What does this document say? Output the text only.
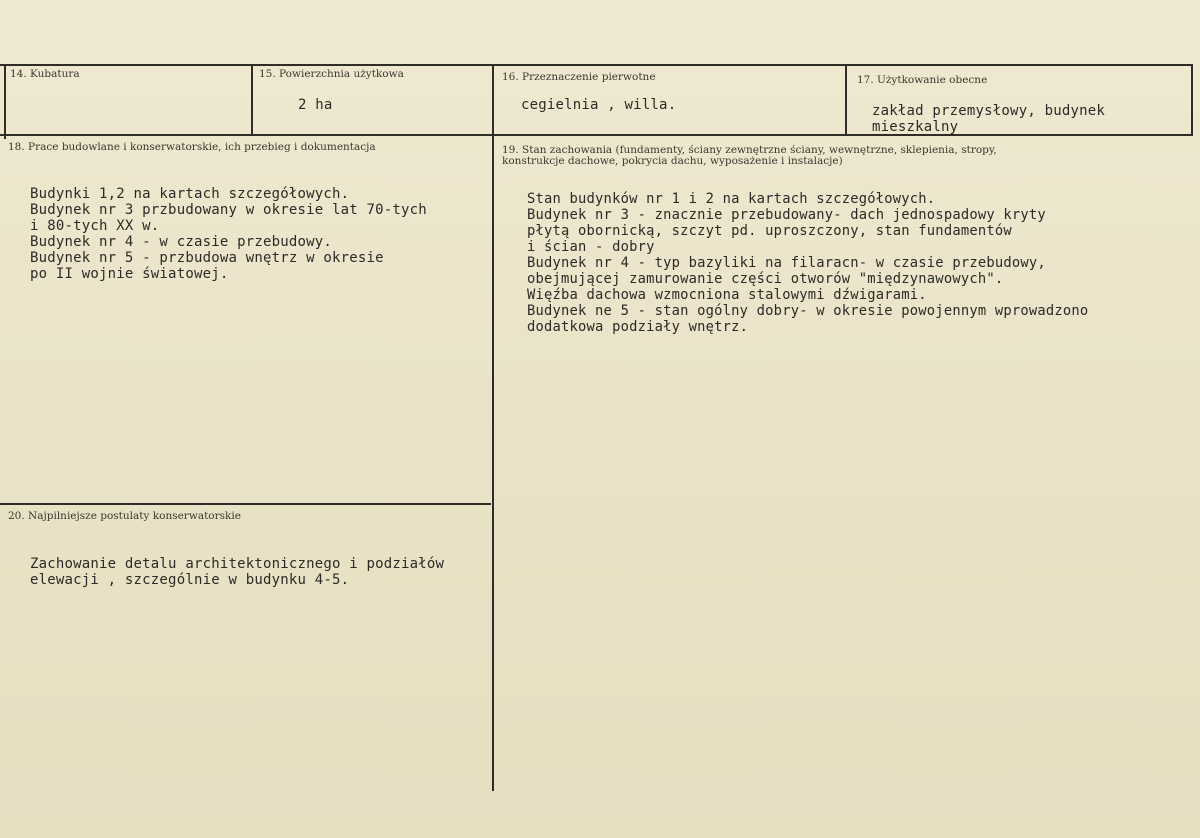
14. Kubatura	15. Powierzchnia użytkowa
2 ha
16. Przeznaczenie pierwotne
cegielnia , willa.
17. Użytkowanie obecne
zakład przemysłowy, budynek
mieszkalny
18. Prace budowlane i konserwatorskie, ich przebieg i dokumentacja
Budynki 1,2 na kartach szczegółowych.
Budynek nr 3 przbudowany w okresie lat 70-tych
i 80-tych XX w.
Budynek nr 4 - w czasie przebudowy.
Budynek nr 5 - przbudowa wnętrz w okresie
po II wojnie światowej.
19. Stan zachowania (fundamenty, ściany zewnętrzne ściany, wewnętrzne, sklepienia, stropy, konstrukcje dachowe, pokrycia dachu, wyposażenie i instalacje)
Stan budynków nr 1 i 2 na kartach szczegółowych.
Budynek nr 3 - znacznie przebudowany- dach jednospadowy kryty
płytą obornicką, szczyt pd. uproszczony, stan fundamentów
i ścian - dobry
Budynek nr 4 - typ bazyliki na filaracn- w czasie przebudowy,
obejmującej zamurowanie części otworów "międzynawowych".
Więźba dachowa wzmocniona stalowymi dźwigarami.
Budynek ne 5 - stan ogólny dobry- w okresie powojennym wprowadzono
dodatkowa podziały wnętrz.
20. Najpilniejsze postulaty konserwatorskie
Zachowanie detalu architektonicznego i podziałów
elewacji , szczególnie w budynku 4-5.
